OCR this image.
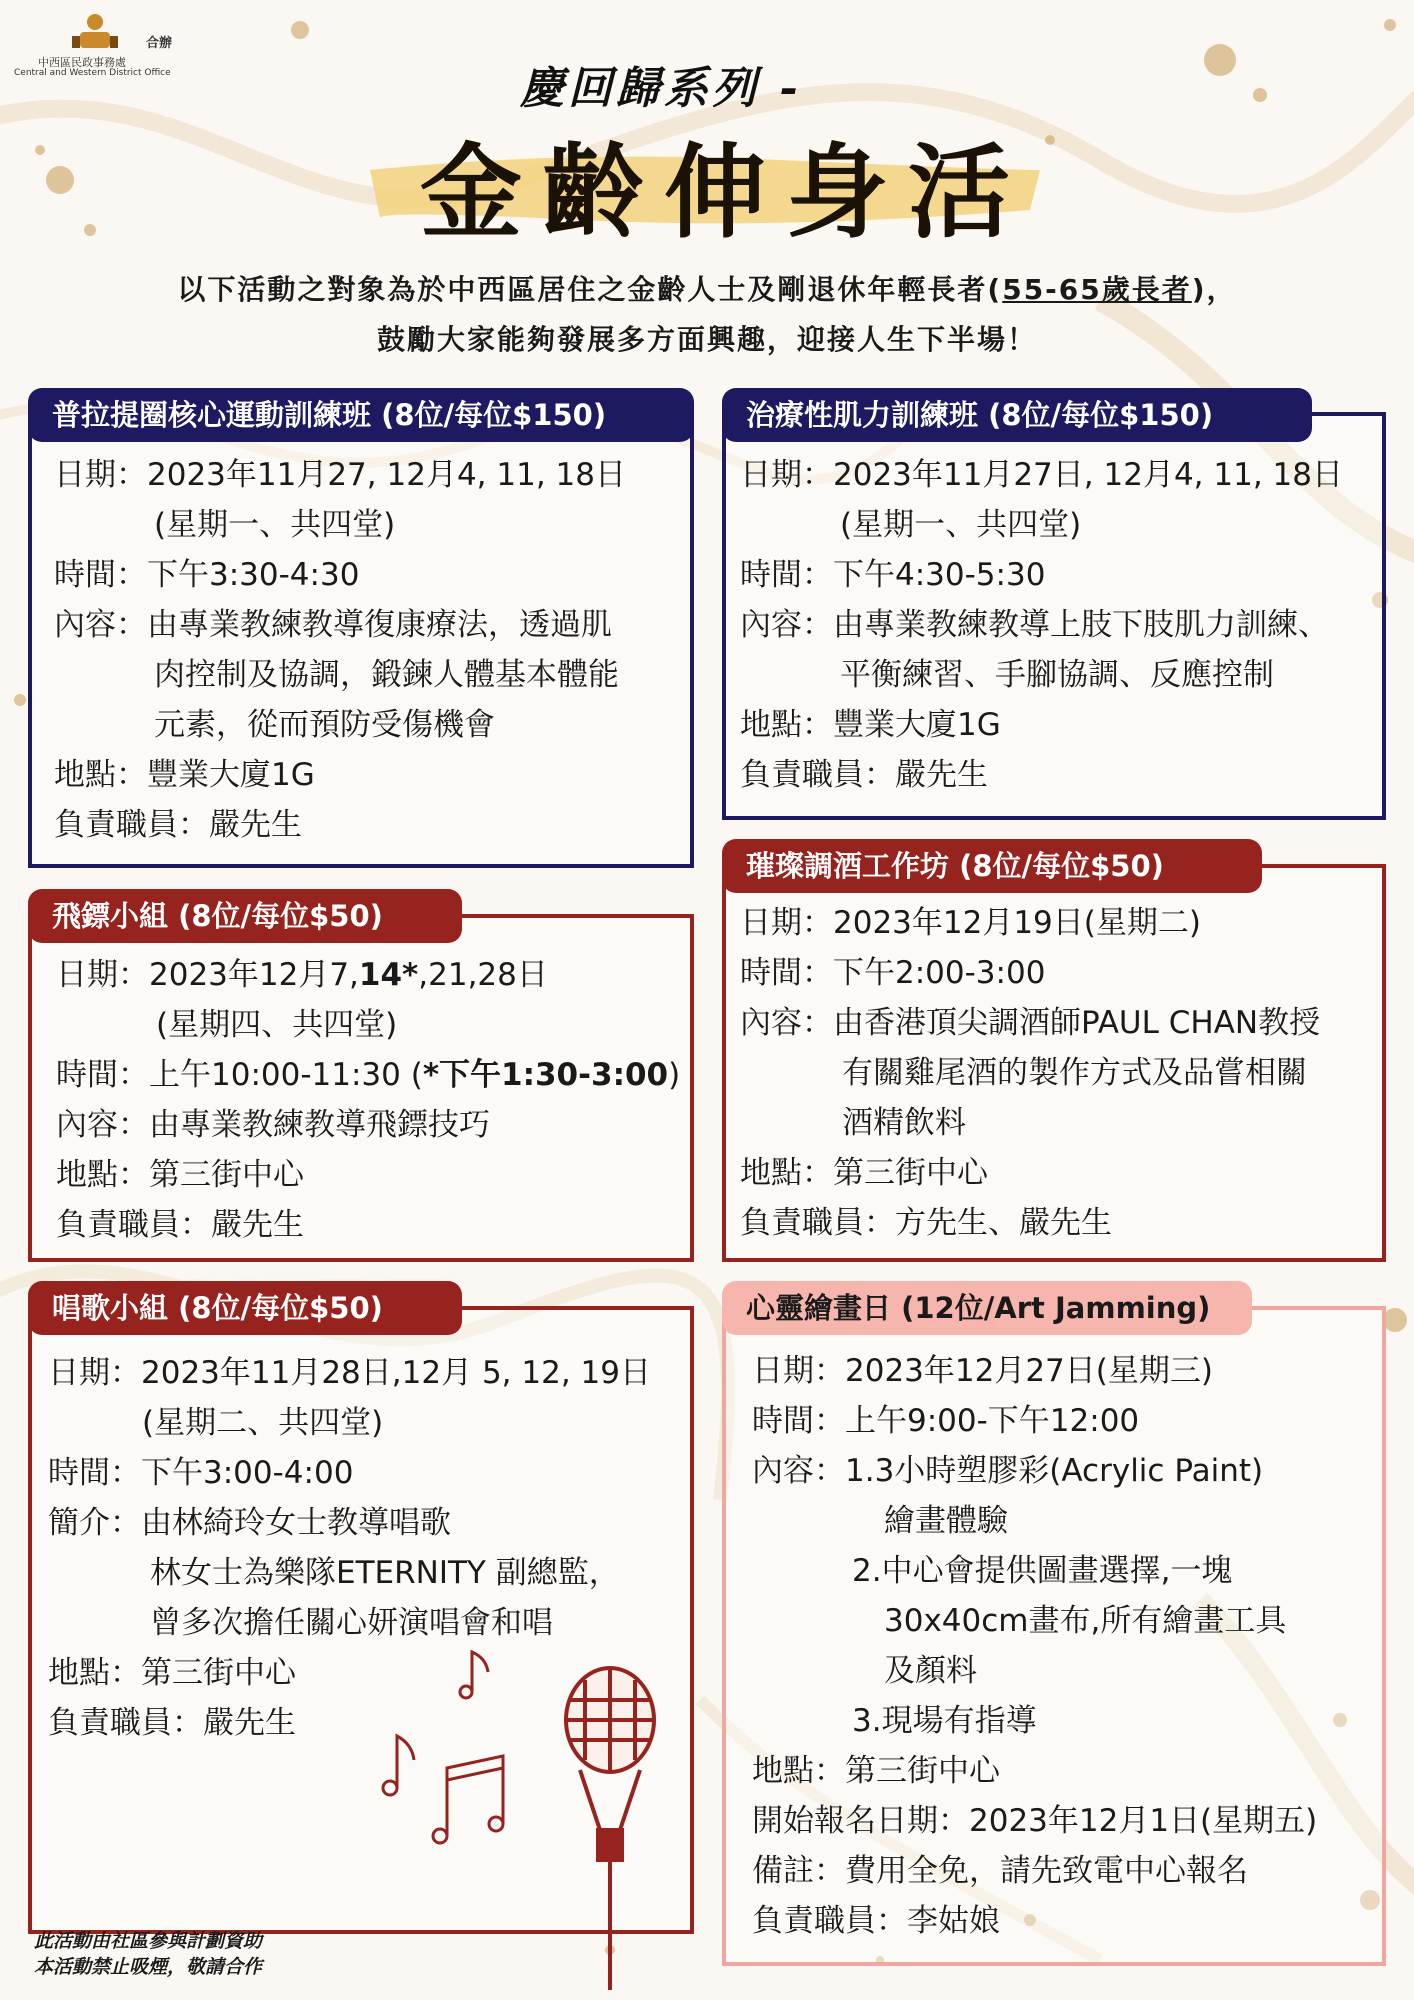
中西區民政事務處
Central and Western District Office
合辦
慶回歸系列 -
金齡伸身活
以下活動之對象為於中西區居住之金齡人士及剛退休年輕長者(55-65歲長者)，
鼓勵大家能夠發展多方面興趣，迎接人生下半場！
普拉提圈核心運動訓練班 (8位/每位$150)
日期： 2023年11月27, 12月4, 11, 18日
(星期一、共四堂)
時間： 下午3:30-4:30
內容： 由專業教練教導復康療法，透過肌
肉控制及協調，鍛鍊人體基本體能
元素，從而預防受傷機會
地點： 豐業大廈1G
負責職員： 嚴先生
治療性肌力訓練班 (8位/每位$150)
日期： 2023年11月27日, 12月4, 11, 18日
(星期一、共四堂)
時間： 下午4:30-5:30
內容： 由專業教練教導上肢下肢肌力訓練、
平衡練習、手腳協調、反應控制
地點： 豐業大廈1G
負責職員： 嚴先生
飛鏢小組 (8位/每位$50)
日期： 2023年12月7, 14* ,21,28日
(星期四、共四堂)
時間： 上午10:00-11:30 ( *下午1:30-3:00 )
內容： 由專業教練教導飛鏢技巧
地點： 第三街中心
負責職員： 嚴先生
璀璨調酒工作坊 (8位/每位$50)
日期： 2023年12月19日(星期二)
時間： 下午2:00-3:00
內容： 由香港頂尖調酒師PAUL CHAN教授
有關雞尾酒的製作方式及品嘗相關
酒精飲料
地點： 第三街中心
負責職員： 方先生、嚴先生
唱歌小組 (8位/每位$50)
日期： 2023年11月28日,12月 5, 12, 19日
(星期二、共四堂)
時間： 下午3:00-4:00
簡介： 由林綺玲女士教導唱歌
林女士為樂隊ETERNITY 副總監，
曾多次擔任關心妍演唱會和唱
地點： 第三街中心
負責職員： 嚴先生
心靈繪畫日 (12位/Art Jamming)
日期： 2023年12月27日(星期三)
時間： 上午9:00-下午12:00
內容： 1.3小時塑膠彩(Acrylic Paint)
繪畫體驗
2.中心會提供圖畫選擇,一塊
30x40cm畫布,所有繪畫工具
及顏料
3.現場有指導
地點： 第三街中心
開始報名日期： 2023年12月1日(星期五)
備註： 費用全免，請先致電中心報名
負責職員： 李姑娘
此活動由社區參與計劃資助
本活動禁止吸煙，敬請合作
